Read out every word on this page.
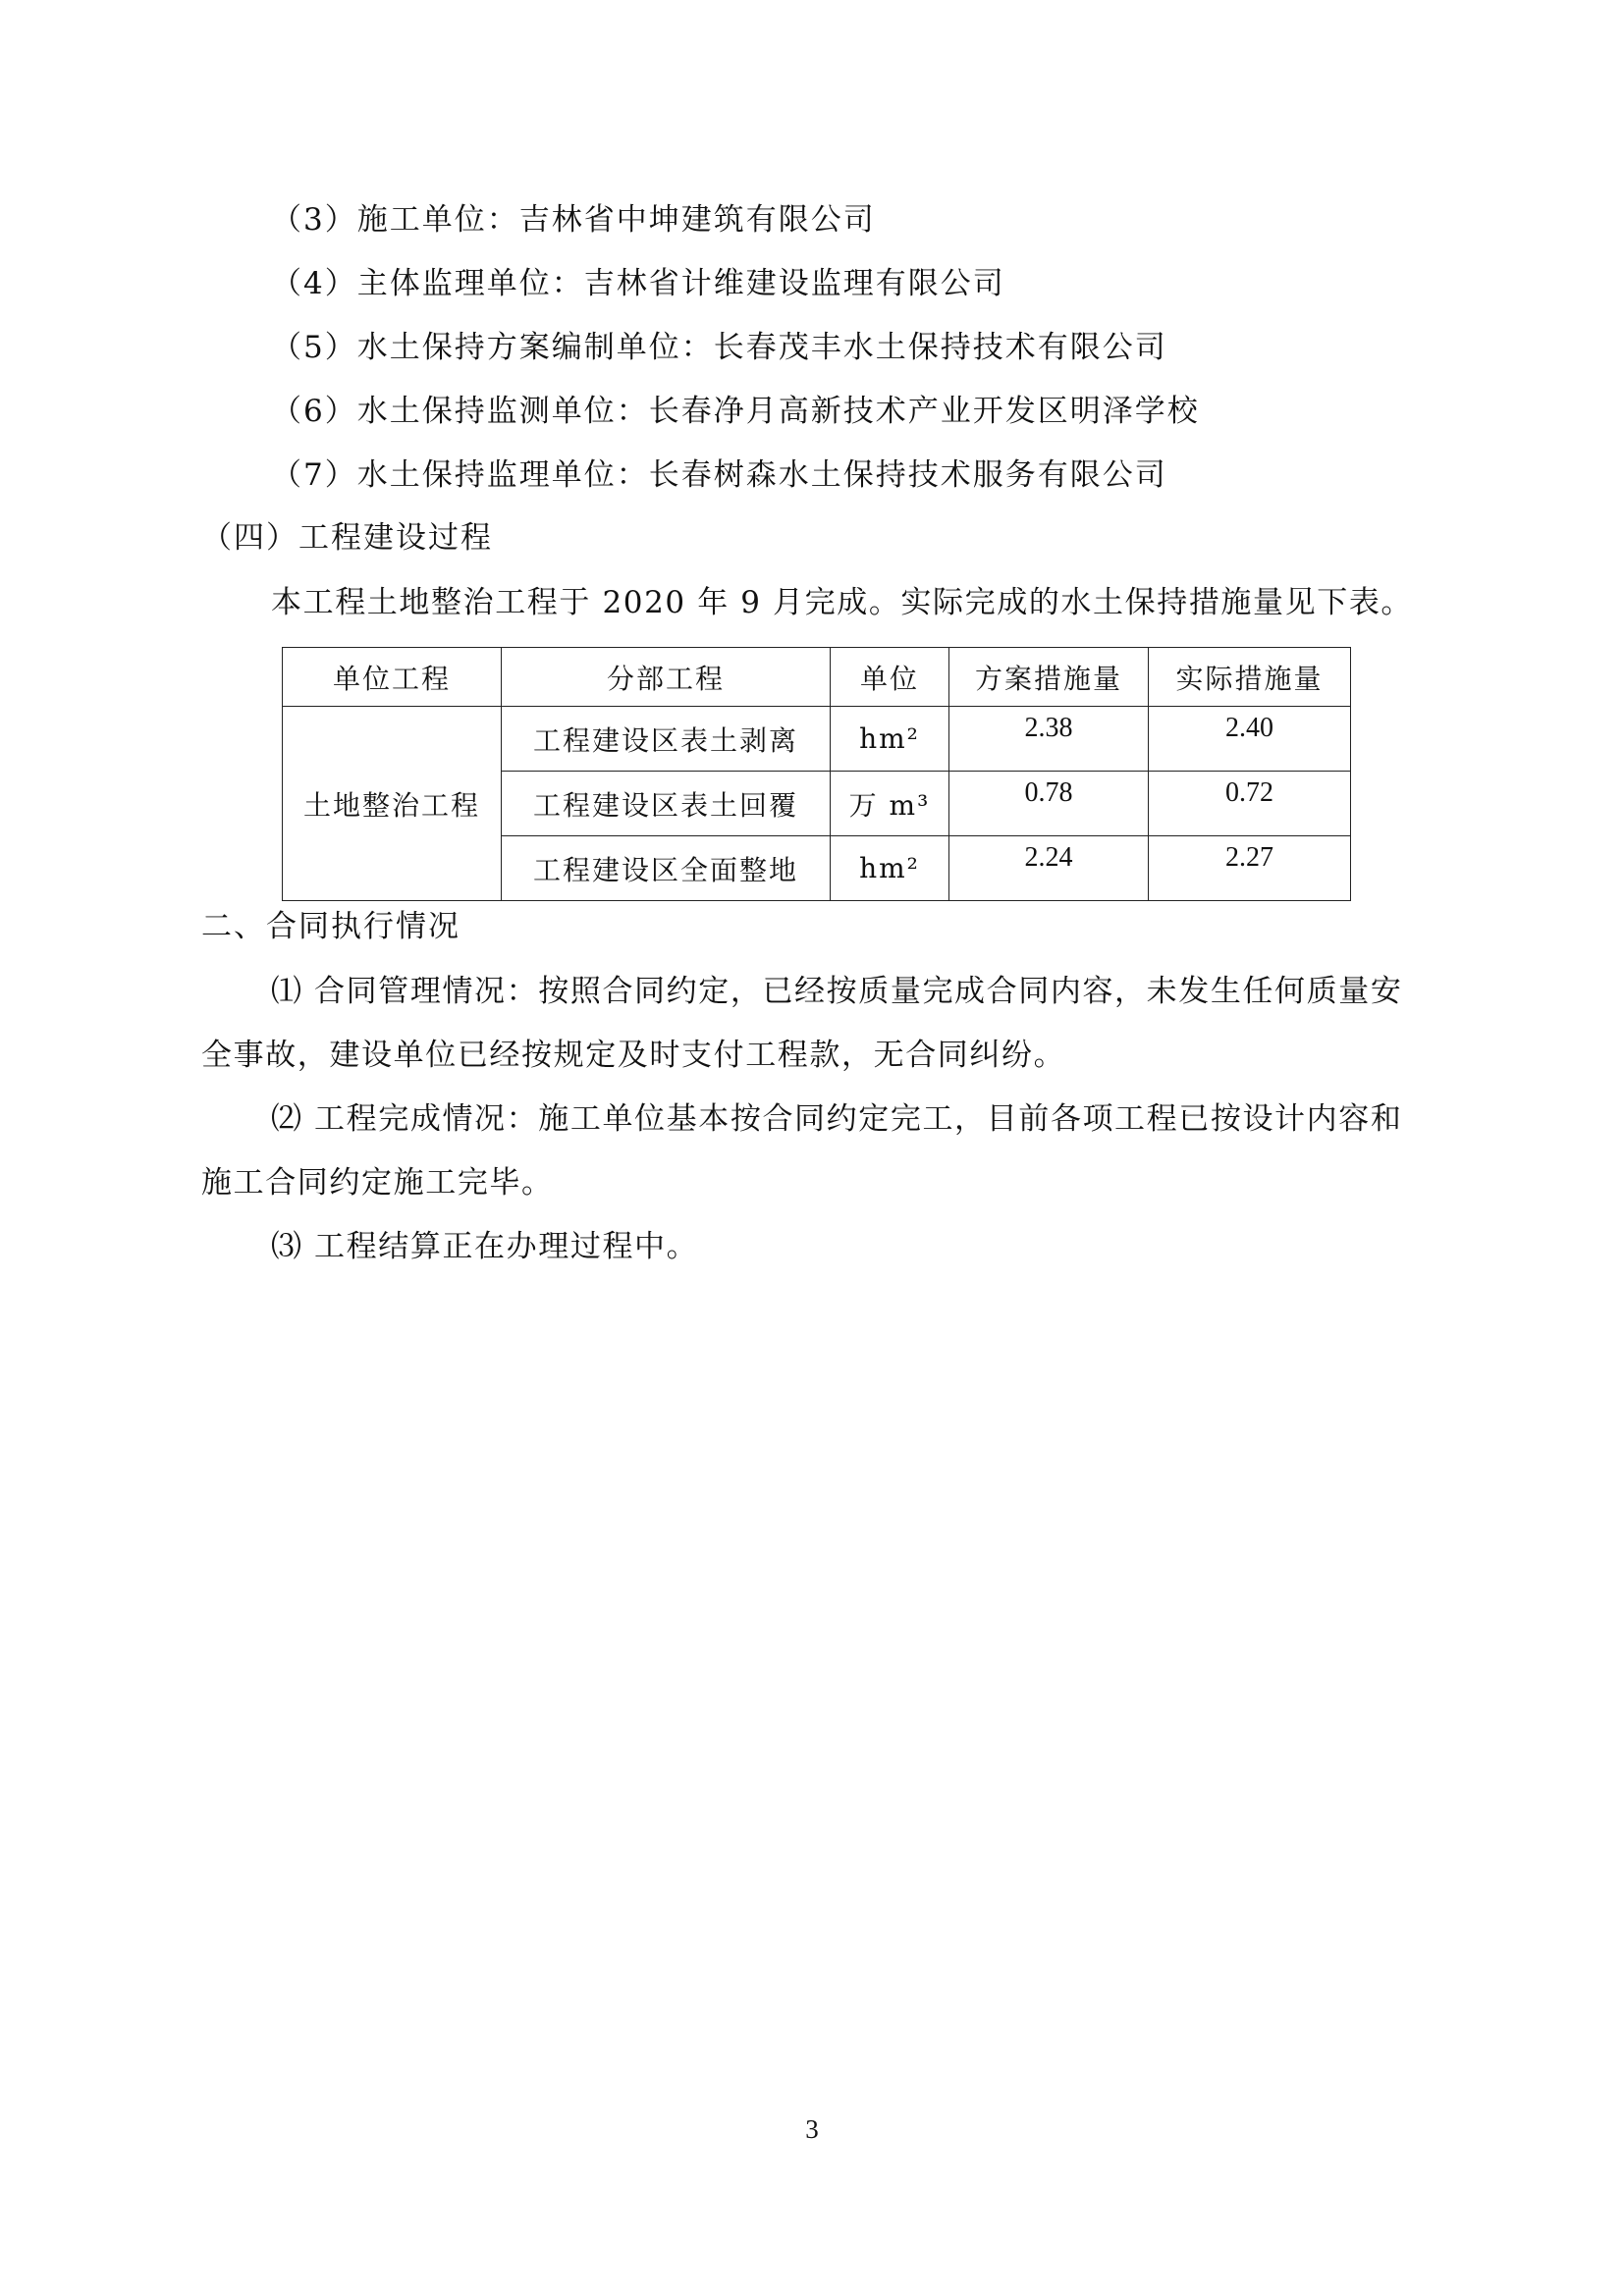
（3）施工单位：吉林省中坤建筑有限公司
（4）主体监理单位：吉林省计维建设监理有限公司
（5）水土保持方案编制单位：长春茂丰水土保持技术有限公司
（6）水土保持监测单位：长春净月高新技术产业开发区明泽学校
（7）水土保持监理单位：长春树森水土保持技术服务有限公司
（四）工程建设过程
本工程土地整治工程于 2020 年 9 月完成。实际完成的水土保持措施量见下表。
单位工程	分部工程	单位	方案措施量	实际措施量
土地整治工程	工程建设区表土剥离	hm²	2.38	2.40
	工程建设区表土回覆	万 m³	0.78	0.72
	工程建设区全面整地	hm²	2.24	2.27
二、合同执行情况
⑴ 合同管理情况：按照合同约定，已经按质量完成合同内容，未发生任何质量安
全事故，建设单位已经按规定及时支付工程款，无合同纠纷。
⑵ 工程完成情况：施工单位基本按合同约定完工，目前各项工程已按设计内容和
施工合同约定施工完毕。
⑶ 工程结算正在办理过程中。
3
